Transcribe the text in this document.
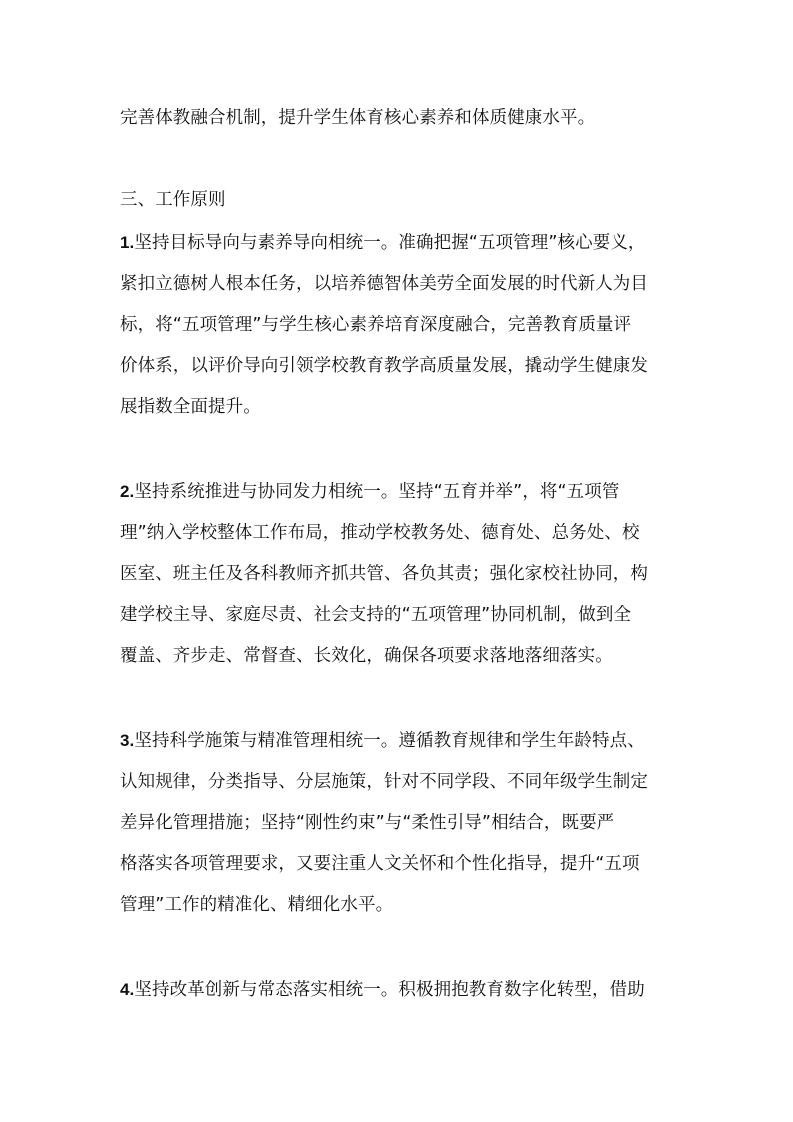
完善体教融合机制，提升学生体育核心素养和体质健康水平。
三、工作原则
1.坚持目标导向与素养导向相统一。准确把握“五项管理”核心要义，
紧扣立德树人根本任务，以培养德智体美劳全面发展的时代新人为目
标，将“五项管理”与学生核心素养培育深度融合，完善教育质量评
价体系，以评价导向引领学校教育教学高质量发展，撬动学生健康发
展指数全面提升。
2.坚持系统推进与协同发力相统一。坚持“五育并举”，将“五项管
理”纳入学校整体工作布局，推动学校教务处、德育处、总务处、校
医室、班主任及各科教师齐抓共管、各负其责；强化家校社协同，构
建学校主导、家庭尽责、社会支持的“五项管理”协同机制，做到全
覆盖、齐步走、常督查、长效化，确保各项要求落地落细落实。
3.坚持科学施策与精准管理相统一。遵循教育规律和学生年龄特点、
认知规律，分类指导、分层施策，针对不同学段、不同年级学生制定
差异化管理措施；坚持“刚性约束”与“柔性引导”相结合，既要严
格落实各项管理要求，又要注重人文关怀和个性化指导，提升“五项
管理”工作的精准化、精细化水平。
4.坚持改革创新与常态落实相统一。积极拥抱教育数字化转型，借助
